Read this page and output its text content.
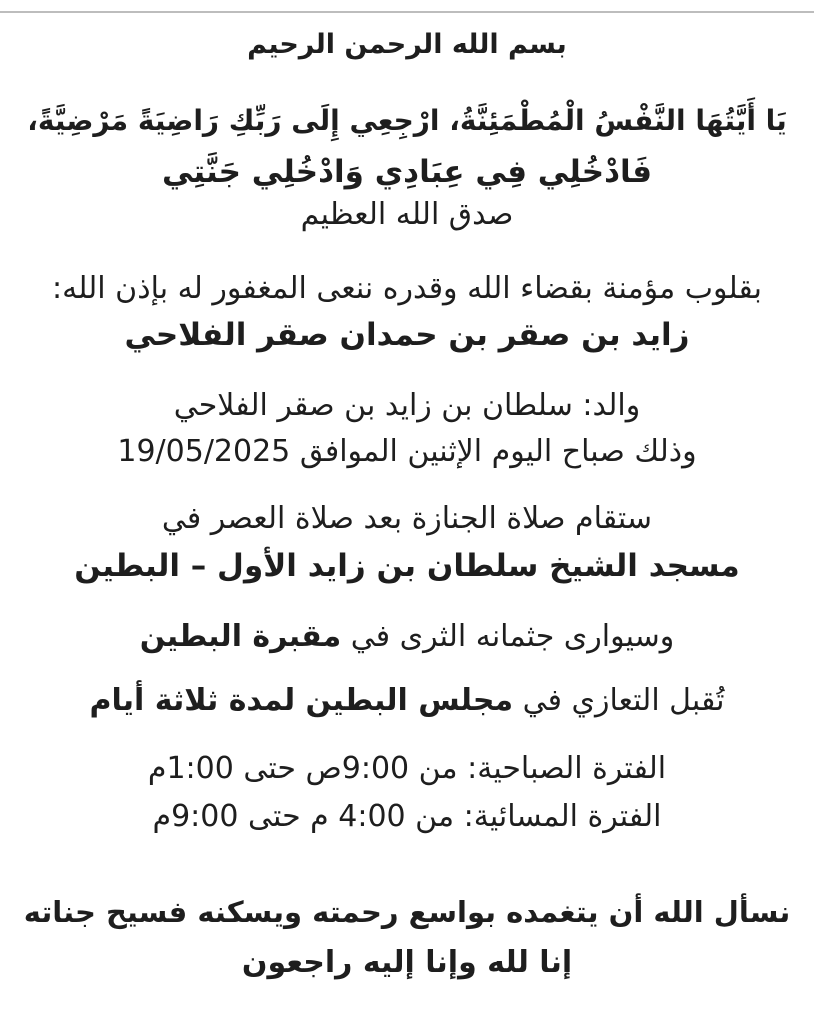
بسم الله الرحمن الرحيم
يَا أَيَّتُهَا النَّفْسُ الْمُطْمَئِنَّةُ، ارْجِعِي إِلَى رَبِّكِ رَاضِيَةً مَرْضِيَّةً،
فَادْخُلِي فِي عِبَادِي وَادْخُلِي جَنَّتِي
صدق الله العظيم
بقلوب مؤمنة بقضاء الله وقدره ننعى المغفور له بإذن الله:
زايد بن صقر بن حمدان صقر الفلاحي
والد: سلطان بن زايد بن صقر الفلاحي
وذلك صباح اليوم الإثنين الموافق 19/05/2025
ستقام صلاة الجنازة بعد صلاة العصر في
مسجد الشيخ سلطان بن زايد الأول – البطين
وسيوارى جثمانه الثرى في مقبرة البطين
تُقبل التعازي في مجلس البطين لمدة ثلاثة أيام
الفترة الصباحية: من 9:00ص حتى 1:00م
الفترة المسائية: من 4:00 م حتى 9:00م
نسأل الله أن يتغمده بواسع رحمته ويسكنه فسيح جناته
إنا لله وإنا إليه راجعون
